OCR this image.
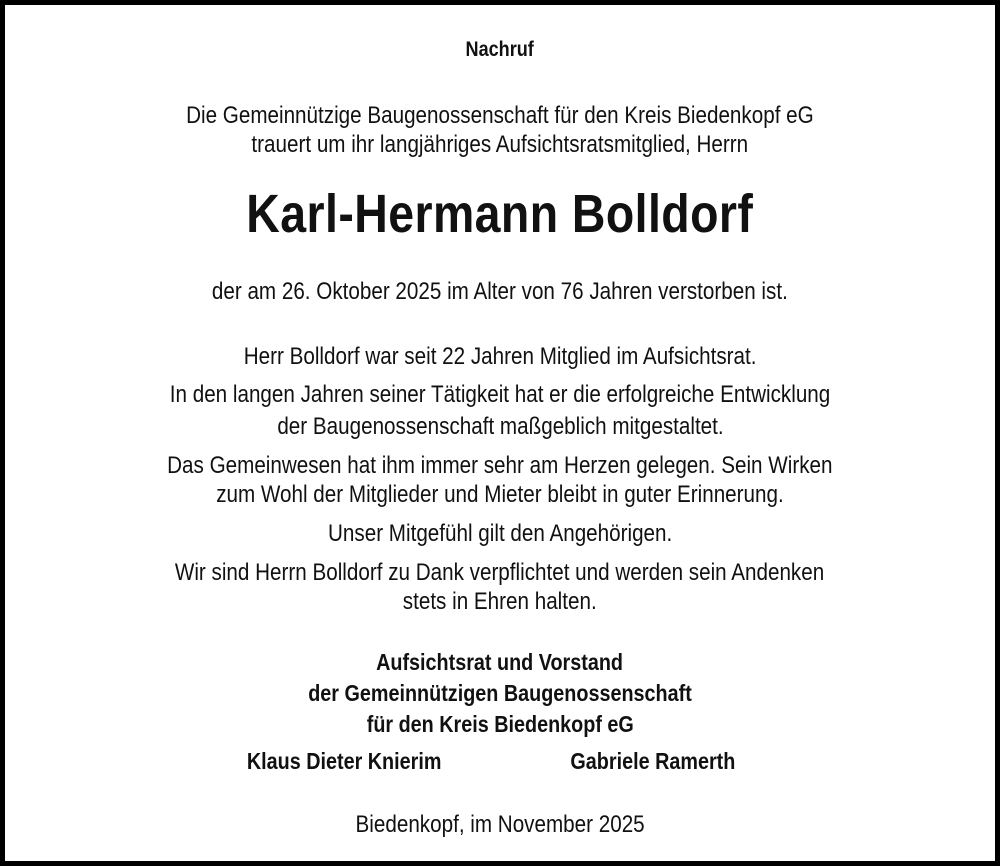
Nachruf
Die Gemeinnützige Baugenossenschaft für den Kreis Biedenkopf eG
trauert um ihr langjähriges Aufsichtsratsmitglied, Herrn
Karl-Hermann Bolldorf
der am 26. Oktober 2025 im Alter von 76 Jahren verstorben ist.
Herr Bolldorf war seit 22 Jahren Mitglied im Aufsichtsrat.
In den langen Jahren seiner Tätigkeit hat er die erfolgreiche Entwicklung
der Baugenossenschaft maßgeblich mitgestaltet.
Das Gemeinwesen hat ihm immer sehr am Herzen gelegen. Sein Wirken
zum Wohl der Mitglieder und Mieter bleibt in guter Erinnerung.
Unser Mitgefühl gilt den Angehörigen.
Wir sind Herrn Bolldorf zu Dank verpflichtet und werden sein Andenken
stets in Ehren halten.
Aufsichtsrat und Vorstand
der Gemeinnützigen Baugenossenschaft
für den Kreis Biedenkopf eG
Klaus Dieter Knierim	Gabriele Ramerth
Biedenkopf, im November 2025
